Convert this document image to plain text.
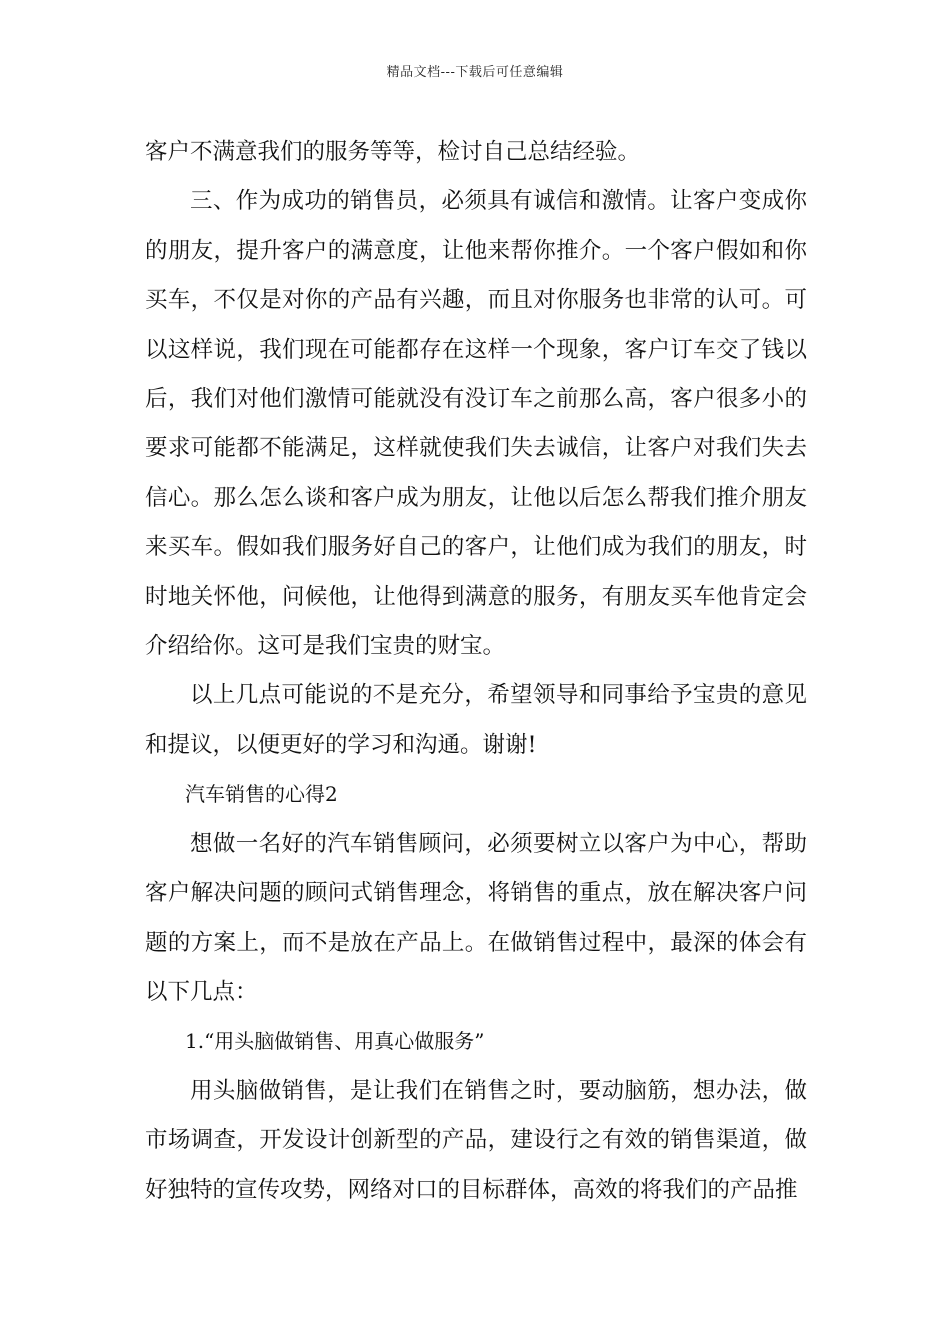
精品文档---下载后可任意编辑

客户不满意我们的服务等等，检讨自己总结经验。

三、作为成功的销售员，必须具有诚信和激情。让客户变成你的朋友，提升客户的满意度，让他来帮你推介。一个客户假如和你买车，不仅是对你的产品有兴趣，而且对你服务也非常的认可。可以这样说，我们现在可能都存在这样一个现象，客户订车交了钱以后，我们对他们激情可能就没有没订车之前那么高，客户很多小的要求可能都不能满足，这样就使我们失去诚信，让客户对我们失去信心。那么怎么谈和客户成为朋友，让他以后怎么帮我们推介朋友来买车。假如我们服务好自己的客户，让他们成为我们的朋友，时时地关怀他，问候他，让他得到满意的服务，有朋友买车他肯定会介绍给你。这可是我们宝贵的财宝。

以上几点可能说的不是充分，希望领导和同事给予宝贵的意见和提议，以便更好的学习和沟通。谢谢!

汽车销售的心得2

想做一名好的汽车销售顾问，必须要树立以客户为中心，帮助客户解决问题的顾问式销售理念，将销售的重点，放在解决客户问题的方案上，而不是放在产品上。在做销售过程中，最深的体会有以下几点：

1.“用头脑做销售、用真心做服务”

用头脑做销售，是让我们在销售之时，要动脑筋，想办法，做市场调查，开发设计创新型的产品，建设行之有效的销售渠道，做好独特的宣传攻势，网络对口的目标群体，高效的将我们的产品推
